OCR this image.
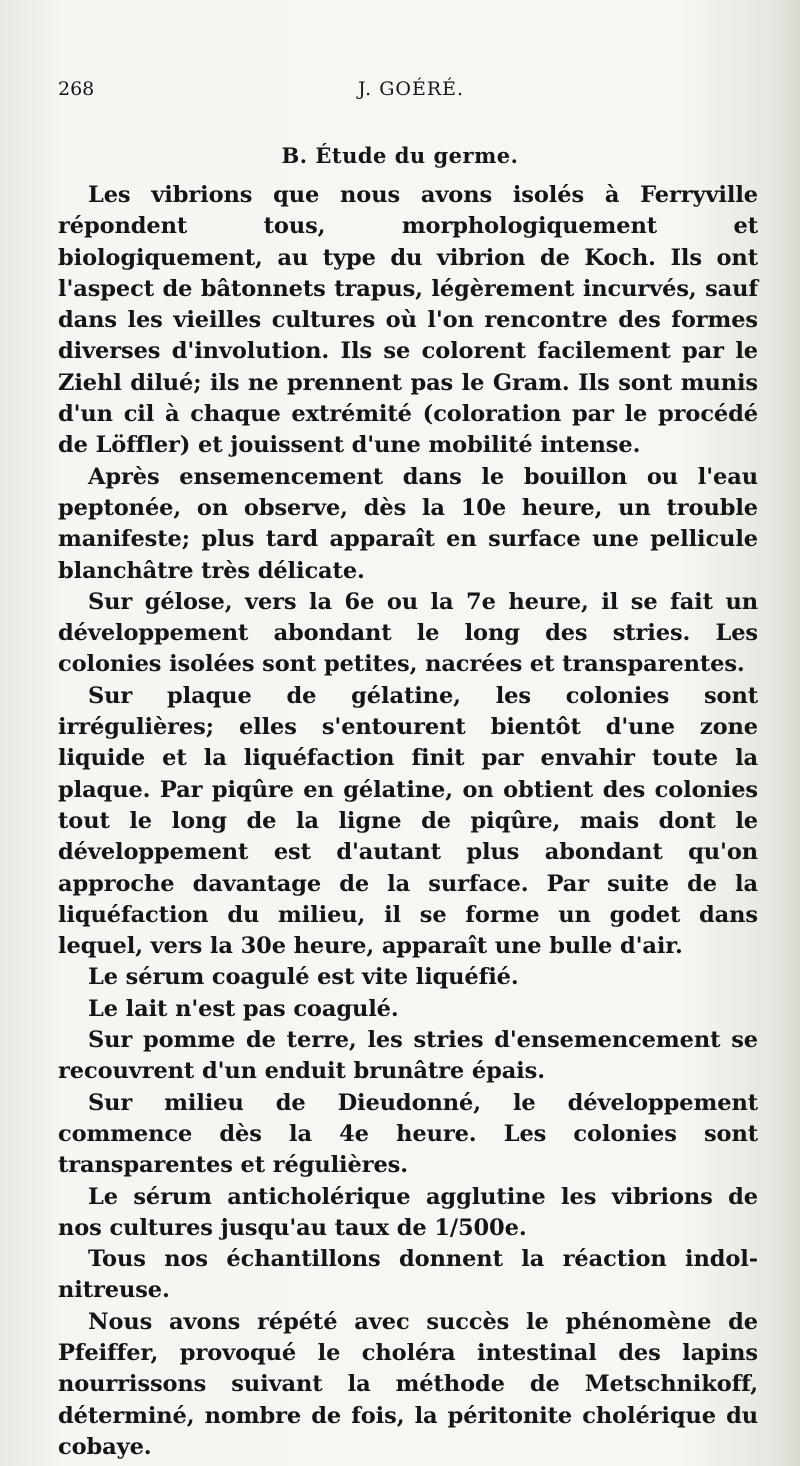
268	J. GOÉRÉ.
B. Étude du germe.

Les vibrions que nous avons isolés à Ferryville répondent tous, morphologiquement et biologiquement, au type du vibrion de Koch. Ils ont l'aspect de bâtonnets trapus, légèrement incurvés, sauf dans les vieilles cultures où l'on rencontre des formes diverses d'involution. Ils se colorent facilement par le Ziehl dilué; ils ne prennent pas le Gram. Ils sont munis d'un cil à chaque extrémité (coloration par le procédé de Löffler) et jouissent d'une mobilité intense.

Après ensemencement dans le bouillon ou l'eau peptonée, on observe, dès la 10e heure, un trouble manifeste; plus tard apparaît en surface une pellicule blanchâtre très délicate.

Sur gélose, vers la 6e ou la 7e heure, il se fait un développement abondant le long des stries. Les colonies isolées sont petites, nacrées et transparentes.

Sur plaque de gélatine, les colonies sont irrégulières; elles s'entourent bientôt d'une zone liquide et la liquéfaction finit par envahir toute la plaque. Par piqûre en gélatine, on obtient des colonies tout le long de la ligne de piqûre, mais dont le développement est d'autant plus abondant qu'on approche davantage de la surface. Par suite de la liquéfaction du milieu, il se forme un godet dans lequel, vers la 30e heure, apparaît une bulle d'air.

Le sérum coagulé est vite liquéfié.

Le lait n'est pas coagulé.

Sur pomme de terre, les stries d'ensemencement se recouvrent d'un enduit brunâtre épais.

Sur milieu de Dieudonné, le développement commence dès la 4e heure. Les colonies sont transparentes et régulières.

Le sérum anticholérique agglutine les vibrions de nos cultures jusqu'au taux de 1/500e.

Tous nos échantillons donnent la réaction indol-nitreuse.

Nous avons répété avec succès le phénomène de Pfeiffer, provoqué le choléra intestinal des lapins nourrissons suivant la méthode de Metschnikoff, déterminé, nombre de fois, la péritonite cholérique du cobaye.
